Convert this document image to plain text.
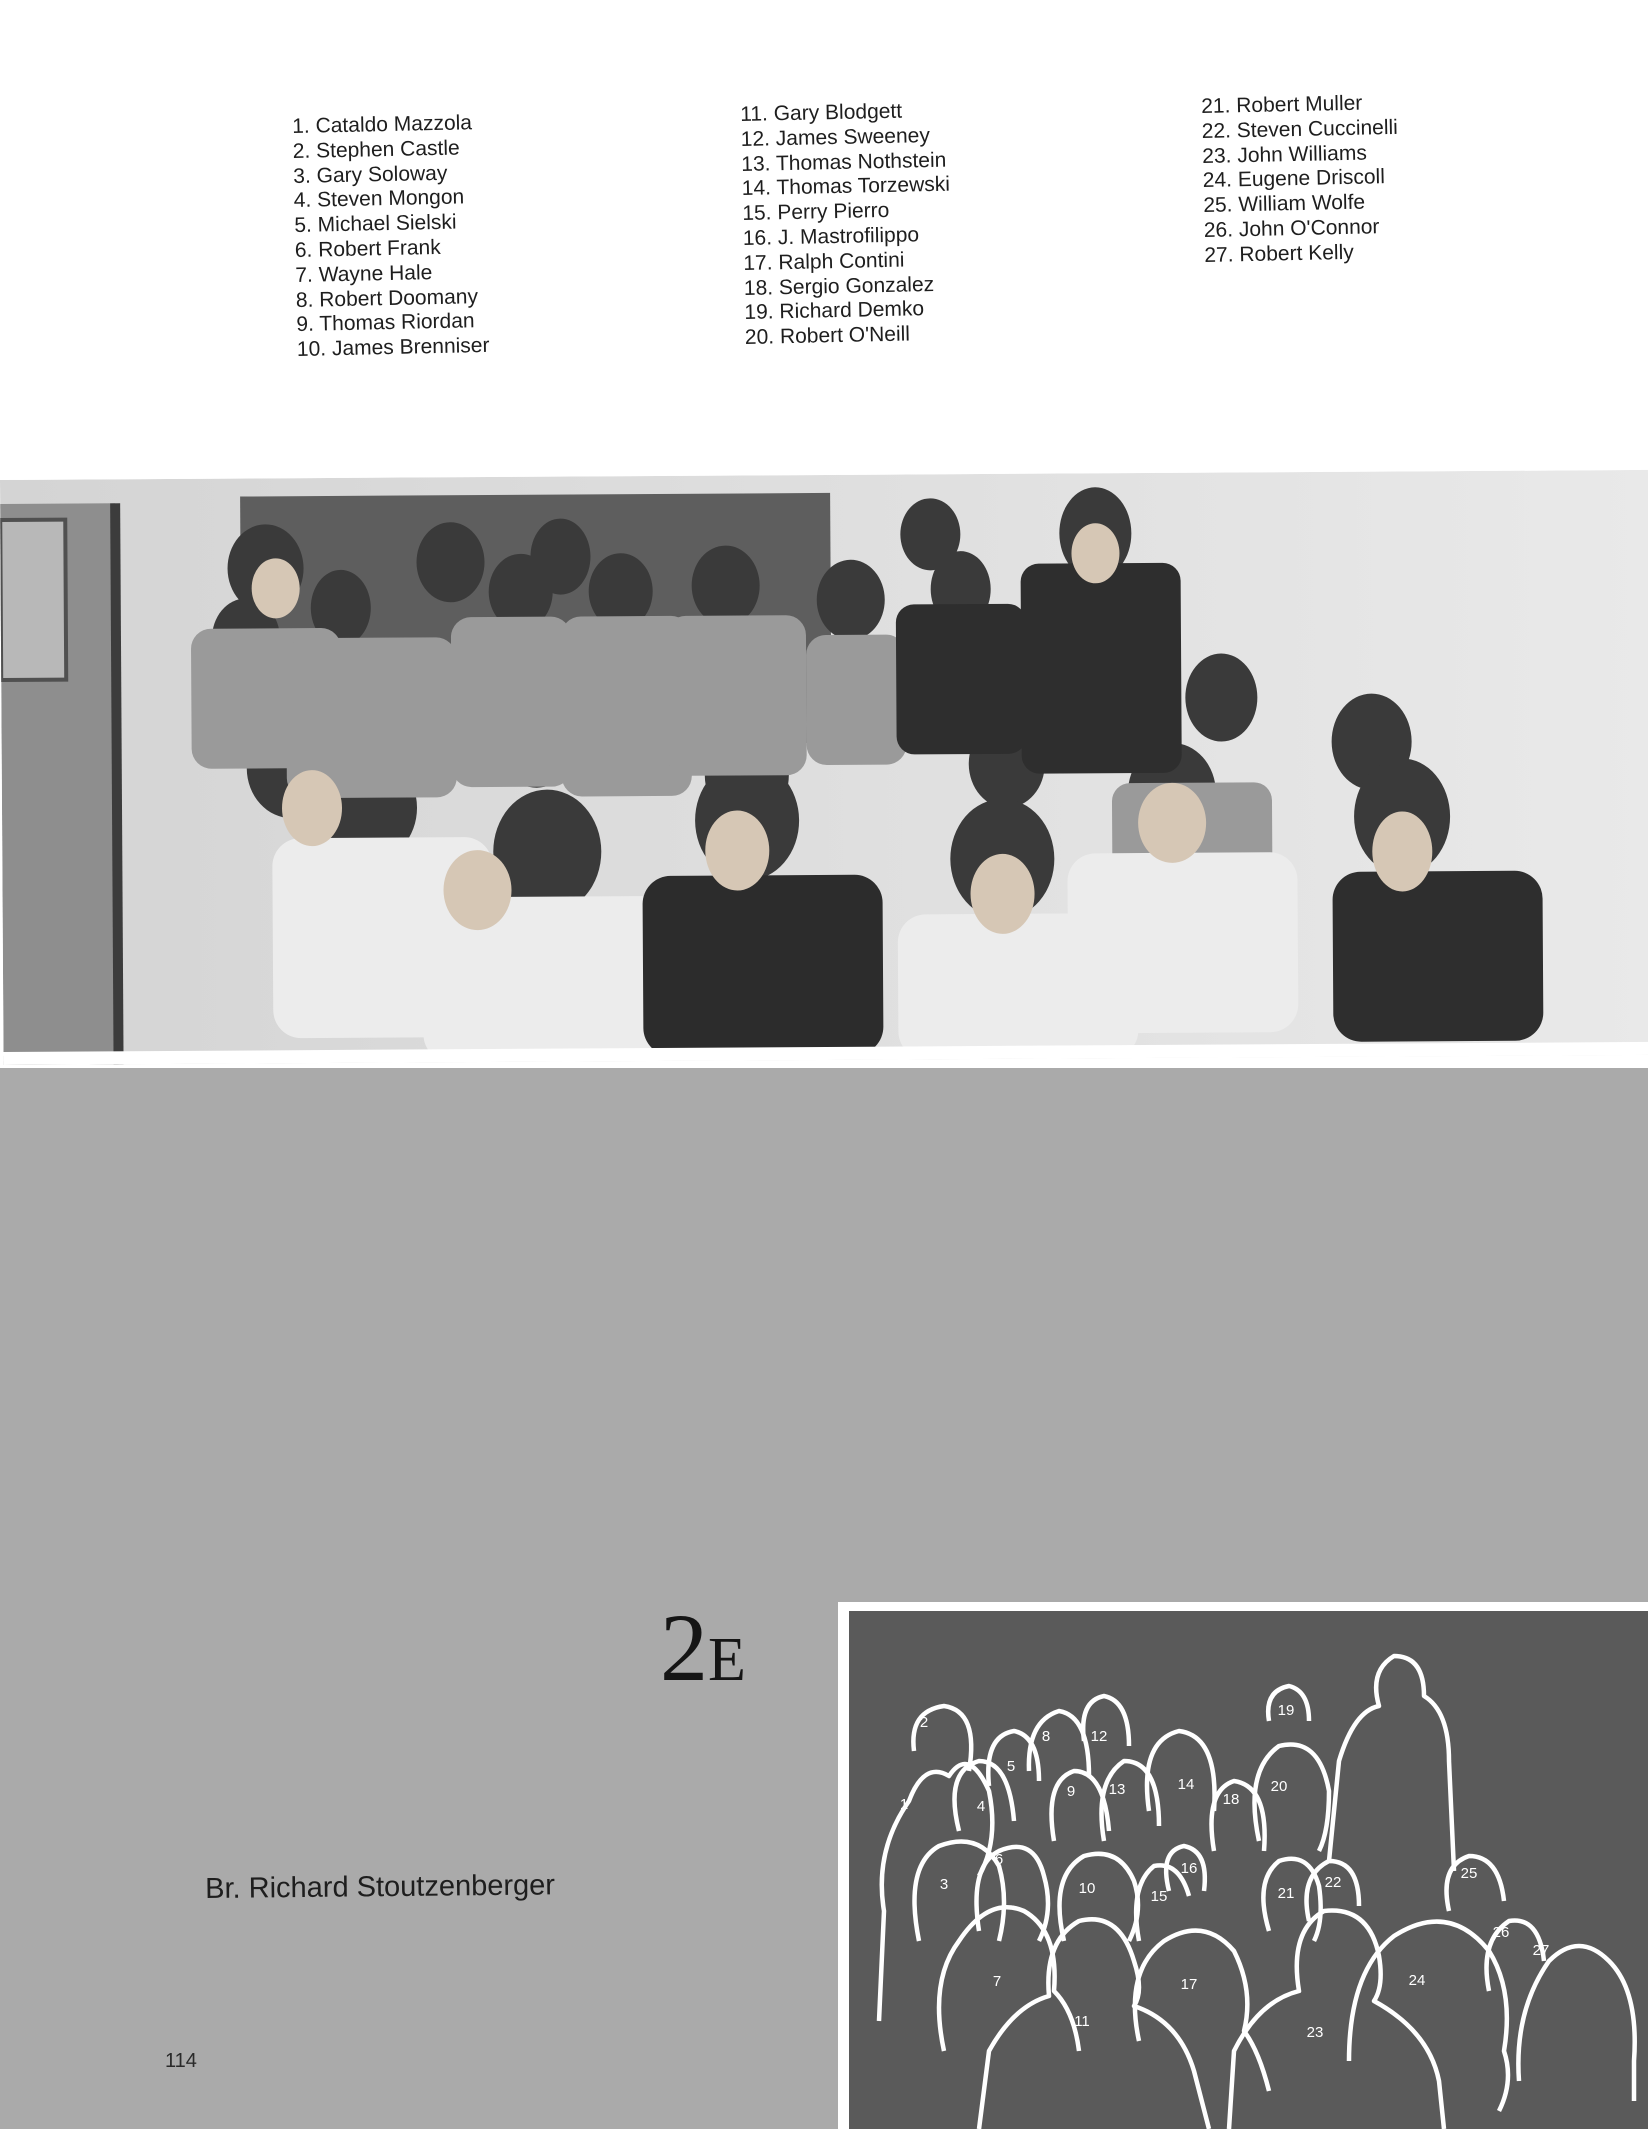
1. Cataldo Mazzola
2. Stephen Castle
3. Gary Soloway
4. Steven Mongon
5. Michael Sielski
6. Robert Frank
7. Wayne Hale
8. Robert Doomany
9. Thomas Riordan
10. James Brenniser
11. Gary Blodgett
12. James Sweeney
13. Thomas Nothstein
14. Thomas Torzewski
15. Perry Pierro
16. J. Mastrofilippo
17. Ralph Contini
18. Sergio Gonzalez
19. Richard Demko
20. Robert O'Neill
21. Robert Muller
22. Steven Cuccinelli
23. John Williams
24. Eugene Driscoll
25. William Wolfe
26. John O'Connor
27. Robert Kelly
2E

Br. Richard Stoutzenberger

114
1
2
3
4
5
6
7
8
9
10
11
12
13	14
15
16
17
18
19
20
21
22
23
24
25
26
27
